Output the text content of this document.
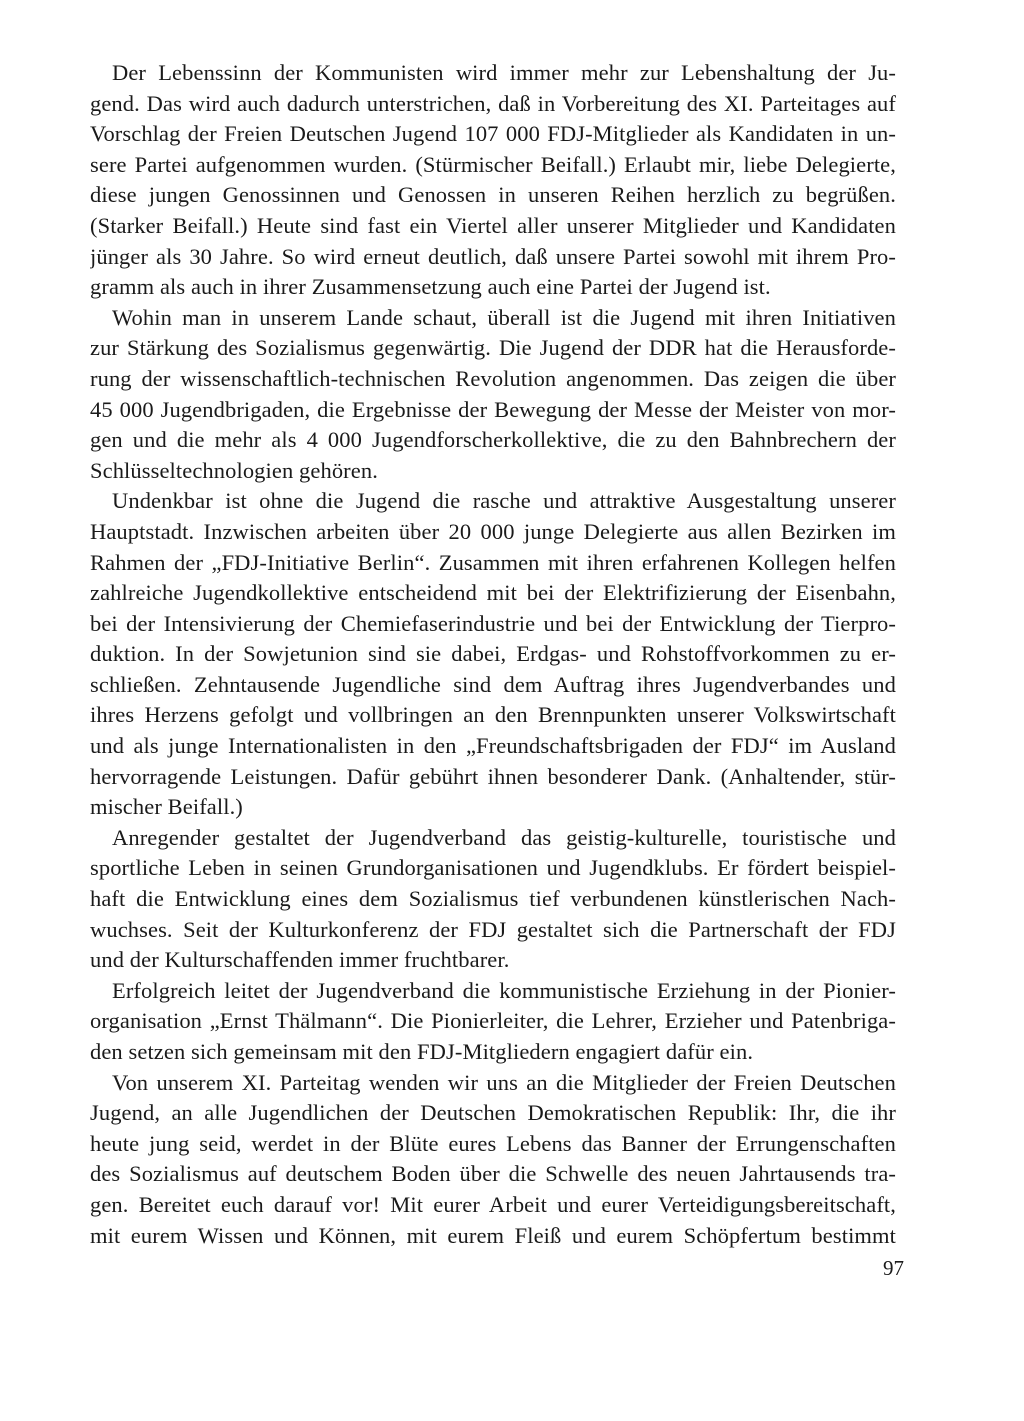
Der Lebenssinn der Kommunisten wird immer mehr zur Lebenshaltung der Ju-
gend. Das wird auch dadurch unterstrichen, daß in Vorbereitung des XI. Parteitages auf
Vorschlag der Freien Deutschen Jugend 107 000 FDJ-Mitglieder als Kandidaten in un-
sere Partei aufgenommen wurden. (Stürmischer Beifall.) Erlaubt mir, liebe Delegierte,
diese jungen Genossinnen und Genossen in unseren Reihen herzlich zu begrüßen.
(Starker Beifall.) Heute sind fast ein Viertel aller unserer Mitglieder und Kandidaten
jünger als 30 Jahre. So wird erneut deutlich, daß unsere Partei sowohl mit ihrem Pro-
gramm als auch in ihrer Zusammensetzung auch eine Partei der Jugend ist.
Wohin man in unserem Lande schaut, überall ist die Jugend mit ihren Initiativen
zur Stärkung des Sozialismus gegenwärtig. Die Jugend der DDR hat die Herausforde-
rung der wissenschaftlich-technischen Revolution angenommen. Das zeigen die über
45 000 Jugendbrigaden, die Ergebnisse der Bewegung der Messe der Meister von mor-
gen und die mehr als 4 000 Jugendforscherkollektive, die zu den Bahnbrechern der
Schlüsseltechnologien gehören.
Undenkbar ist ohne die Jugend die rasche und attraktive Ausgestaltung unserer
Hauptstadt. Inzwischen arbeiten über 20 000 junge Delegierte aus allen Bezirken im
Rahmen der „FDJ-Initiative Berlin“. Zusammen mit ihren erfahrenen Kollegen helfen
zahlreiche Jugendkollektive entscheidend mit bei der Elektrifizierung der Eisenbahn,
bei der Intensivierung der Chemiefaserindustrie und bei der Entwicklung der Tierpro-
duktion. In der Sowjetunion sind sie dabei, Erdgas- und Rohstoffvorkommen zu er-
schließen. Zehntausende Jugendliche sind dem Auftrag ihres Jugendverbandes und
ihres Herzens gefolgt und vollbringen an den Brennpunkten unserer Volkswirtschaft
und als junge Internationalisten in den „Freundschaftsbrigaden der FDJ“ im Ausland
hervorragende Leistungen. Dafür gebührt ihnen besonderer Dank. (Anhaltender, stür-
mischer Beifall.)
Anregender gestaltet der Jugendverband das geistig-kulturelle, touristische und
sportliche Leben in seinen Grundorganisationen und Jugendklubs. Er fördert beispiel-
haft die Entwicklung eines dem Sozialismus tief verbundenen künstlerischen Nach-
wuchses. Seit der Kulturkonferenz der FDJ gestaltet sich die Partnerschaft der FDJ
und der Kulturschaffenden immer fruchtbarer.
Erfolgreich leitet der Jugendverband die kommunistische Erziehung in der Pionier-
organisation „Ernst Thälmann“. Die Pionierleiter, die Lehrer, Erzieher und Patenbriga-
den setzen sich gemeinsam mit den FDJ-Mitgliedern engagiert dafür ein.
Von unserem XI. Parteitag wenden wir uns an die Mitglieder der Freien Deutschen
Jugend, an alle Jugendlichen der Deutschen Demokratischen Republik: Ihr, die ihr
heute jung seid, werdet in der Blüte eures Lebens das Banner der Errungenschaften
des Sozialismus auf deutschem Boden über die Schwelle des neuen Jahrtausends tra-
gen. Bereitet euch darauf vor! Mit eurer Arbeit und eurer Verteidigungsbereitschaft,
mit eurem Wissen und Können, mit eurem Fleiß und eurem Schöpfertum bestimmt
97
